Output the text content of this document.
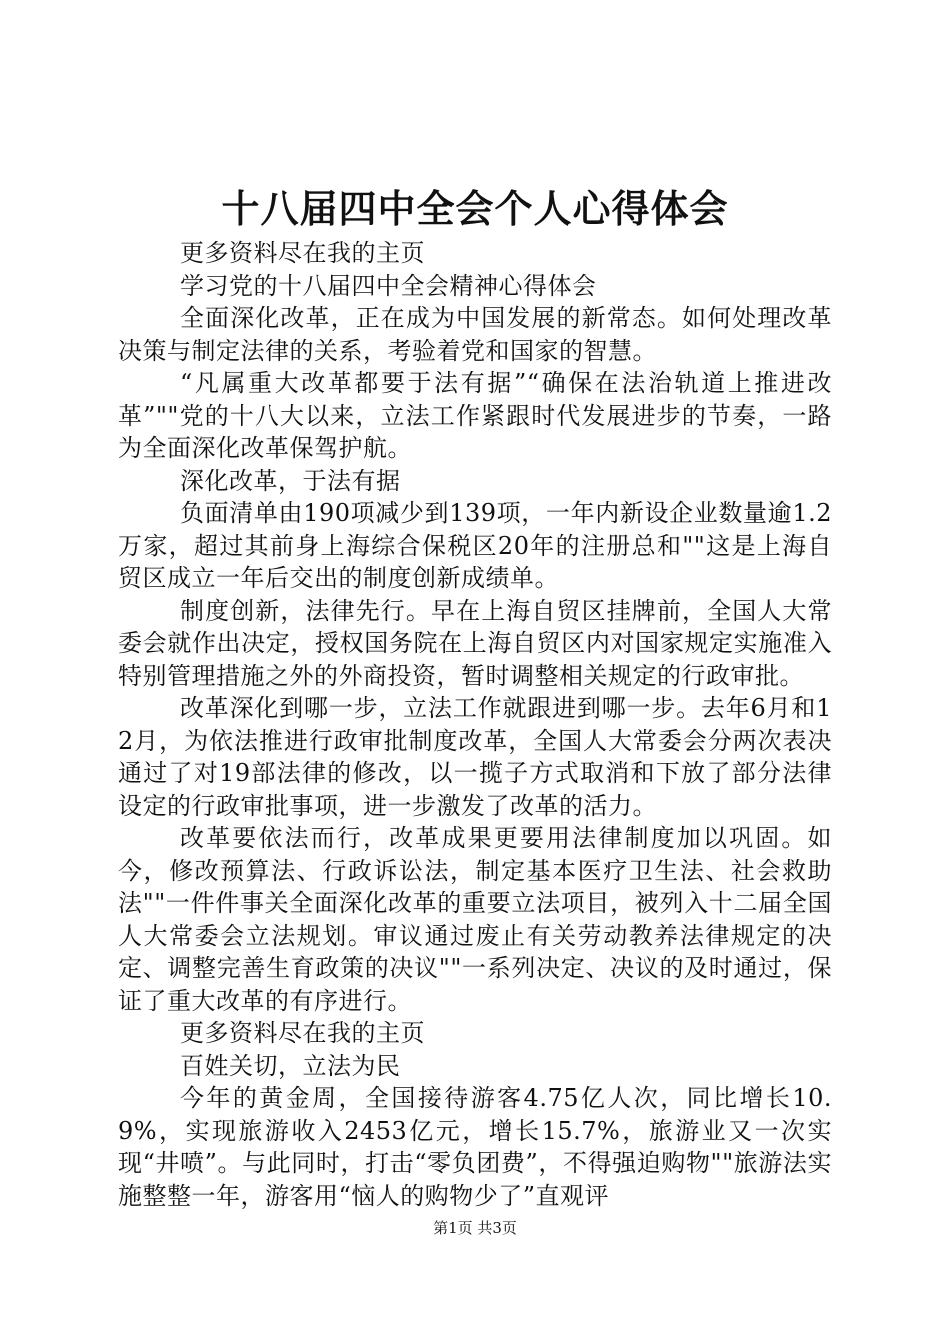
十八届四中全会个人心得体会

更多资料尽在我的主页

学习党的十八届四中全会精神心得体会

全面深化改革，正在成为中国发展的新常态。如何处理改革决策与制定法律的关系，考验着党和国家的智慧。

“凡属重大改革都要于法有据”“确保在法治轨道上推进改革”""党的十八大以来，立法工作紧跟时代发展进步的节奏，一路为全面深化改革保驾护航。

深化改革，于法有据

负面清单由190项减少到139项，一年内新设企业数量逾1.2万家，超过其前身上海综合保税区20年的注册总和""这是上海自贸区成立一年后交出的制度创新成绩单。

制度创新，法律先行。早在上海自贸区挂牌前，全国人大常委会就作出决定，授权国务院在上海自贸区内对国家规定实施准入特别管理措施之外的外商投资，暂时调整相关规定的行政审批。

改革深化到哪一步，立法工作就跟进到哪一步。去年6月和12月，为依法推进行政审批制度改革，全国人大常委会分两次表决通过了对19部法律的修改，以一揽子方式取消和下放了部分法律设定的行政审批事项，进一步激发了改革的活力。

改革要依法而行，改革成果更要用法律制度加以巩固。如今，修改预算法、行政诉讼法，制定基本医疗卫生法、社会救助法""一件件事关全面深化改革的重要立法项目，被列入十二届全国人大常委会立法规划。审议通过废止有关劳动教养法律规定的决定、调整完善生育政策的决议""一系列决定、决议的及时通过，保证了重大改革的有序进行。

更多资料尽在我的主页

百姓关切，立法为民

今年的黄金周，全国接待游客4.75亿人次，同比增长10.9%，实现旅游收入2453亿元，增长15.7%，旅游业又一次实现“井喷”。与此同时，打击“零负团费”，不得强迫购物""旅游法实施整整一年，游客用“恼人的购物少了”直观评

第1页 共3页
